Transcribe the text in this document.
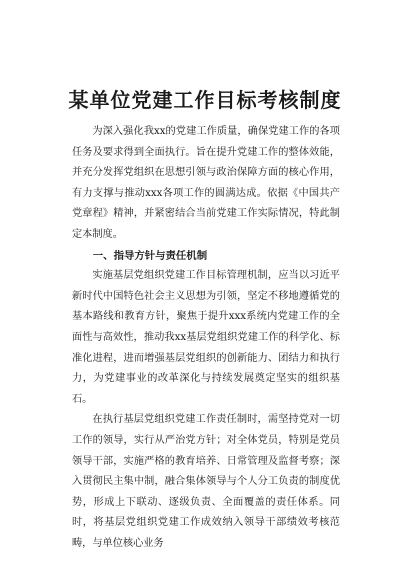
某单位党建工作目标考核制度

为深入强化我xx的党建工作质量，确保党建工作的各项任务及要求得到全面执行。旨在提升党建工作的整体效能，并充分发挥党组织在思想引领与政治保障方面的核心作用，有力支撑与推动xxx各项工作的圆满达成。依据《中国共产党章程》精神，并紧密结合当前党建工作实际情况，特此制定本制度。

一、指导方针与责任机制

实施基层党组织党建工作目标管理机制，应当以习近平新时代中国特色社会主义思想为引领，坚定不移地遵循党的基本路线和教育方针，聚焦于提升xxx系统内党建工作的全面性与高效性，推动我xx基层党组织党建工作的科学化、标准化进程，进而增强基层党组织的创新能力、团结力和执行力，为党建事业的改革深化与持续发展奠定坚实的组织基石。

在执行基层党组织党建工作责任制时，需坚持党对一切工作的领导，实行从严治党方针；对全体党员，特别是党员领导干部，实施严格的教育培养、日常管理及监督考察；深入贯彻民主集中制，融合集体领导与个人分工负责的制度优势，形成上下联动、逐级负责、全面覆盖的责任体系。同时，将基层党组织党建工作成效纳入领导干部绩效考核范畴，与单位核心业务
